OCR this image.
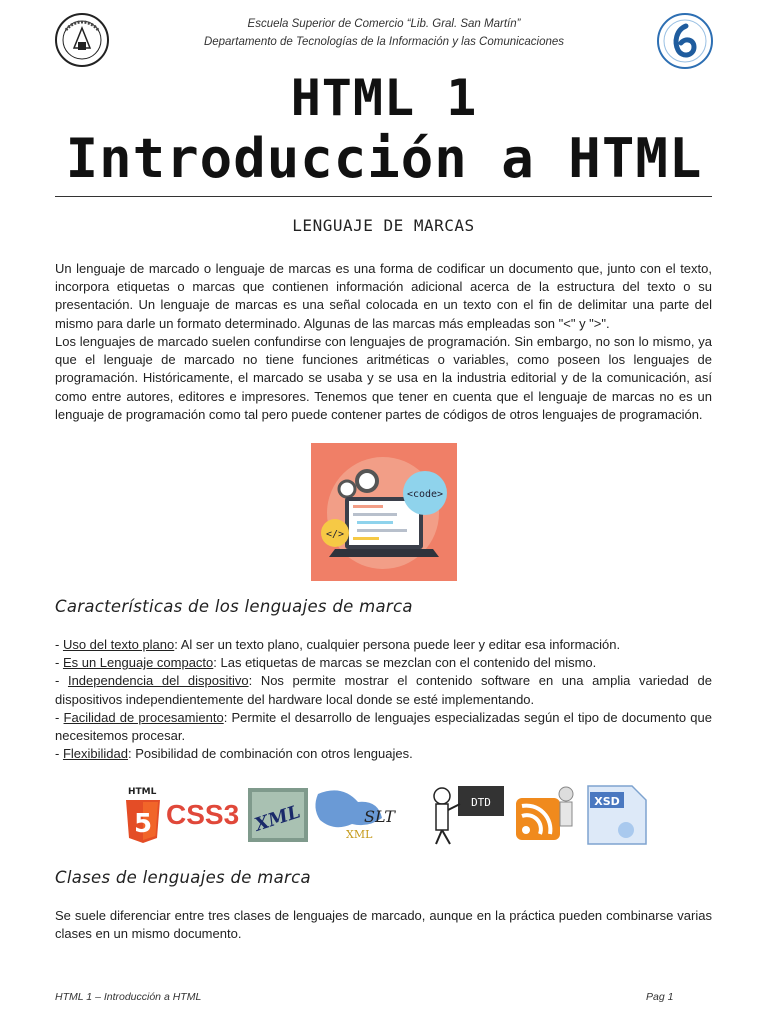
Escuela Superior de Comercio “Lib. Gral. San Martín”
Departamento de Tecnologías de la Información y las Comunicaciones
HTML 1
Introducción a HTML
LENGUAJE DE MARCAS

Un lenguaje de marcado o lenguaje de marcas es una forma de codificar un documento que, junto con el texto, incorpora etiquetas o marcas que contienen información adicional acerca de la estructura del texto o su presentación. Un lenguaje de marcas es una señal colocada en un texto con el fin de delimitar una parte del mismo para darle un formato determinado. Algunas de las marcas más empleadas son "<" y ">".

Los lenguajes de marcado suelen confundirse con lenguajes de programación. Sin embargo, no son lo mismo, ya que el lenguaje de marcado no tiene funciones aritméticas o variables, como poseen los lenguajes de programación. Históricamente, el marcado se usaba y se usa en la industria editorial y de la comunicación, así como entre autores, editores e impresores. Tenemos que tener en cuenta que el lenguaje de marcas no es un lenguaje de programación como tal pero puede contener partes de códigos de otros lenguajes de programación.

<code>
</>
Características de los lenguajes de marca
- Uso del texto plano: Al ser un texto plano, cualquier persona puede leer y editar esa información.
- Es un Lenguaje compacto: Las etiquetas de marcas se mezclan con el contenido del mismo.
- Independencia del dispositivo: Nos permite mostrar el contenido software en una amplia variedad de dispositivos independientemente del hardware local donde se esté implementando.
- Facilidad de procesamiento: Permite el desarrollo de lenguajes especializadas según el tipo de documento que necesitemos procesar.
- Flexibilidad: Posibilidad de combinación con otros lenguajes.
HTML
5 CSS3 XML	SLT
XML
DTD	XSD
Clases de lenguajes de marca

Se suele diferenciar entre tres clases de lenguajes de marcado, aunque en la práctica pueden combinarse varias clases en un mismo documento.

HTML 1 – Introducción a HTML	Pag 1
